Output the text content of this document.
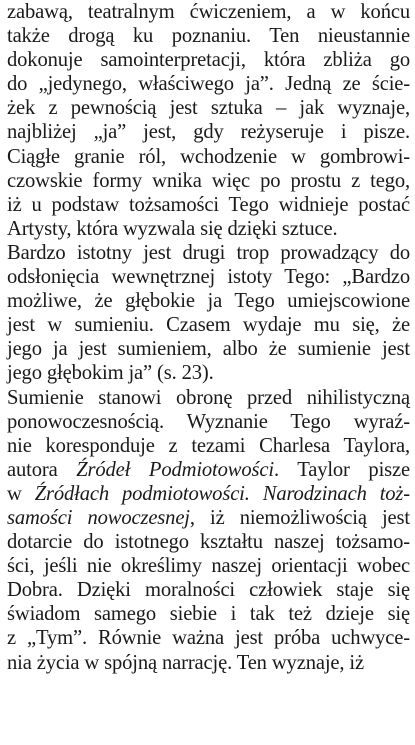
zabawą, teatralnym ćwiczeniem, a w końcu
także drogą ku poznaniu. Ten nieustannie
dokonuje samointerpretacji, która zbliża go
do „jedynego, właściwego ja”. Jedną ze ście-
żek z pewnością jest sztuka – jak wyznaje,
najbliżej „ja” jest, gdy reżyseruje i pisze.
Ciągłe granie ról, wchodzenie w gombrowi-
czowskie formy wnika więc po prostu z tego,
iż u podstaw tożsamości Tego widnieje postać
Artysty, która wyzwala się dzięki sztuce.
Bardzo istotny jest drugi trop prowadzący do
odsłonięcia wewnętrznej istoty Tego: „Bardzo
możliwe, że głębokie ja Tego umiejscowione
jest w sumieniu. Czasem wydaje mu się, że
jego ja jest sumieniem, albo że sumienie jest
jego głębokim ja” (s. 23).
Sumienie stanowi obronę przed nihilistyczną
ponowoczesnością. Wyznanie Tego wyraź-
nie koresponduje z tezami Charlesa Taylora,
autora Źródeł Podmiotowości. Taylor pisze
w Źródłach podmiotowości. Narodzinach toż-
samości nowoczesnej, iż niemożliwością jest
dotarcie do istotnego kształtu naszej tożsamo-
ści, jeśli nie określimy naszej orientacji wobec
Dobra. Dzięki moralności człowiek staje się
świadom samego siebie i tak też dzieje się
z „Tym”. Równie ważna jest próba uchwyce-
nia życia w spójną narrację. Ten wyznaje, iż
